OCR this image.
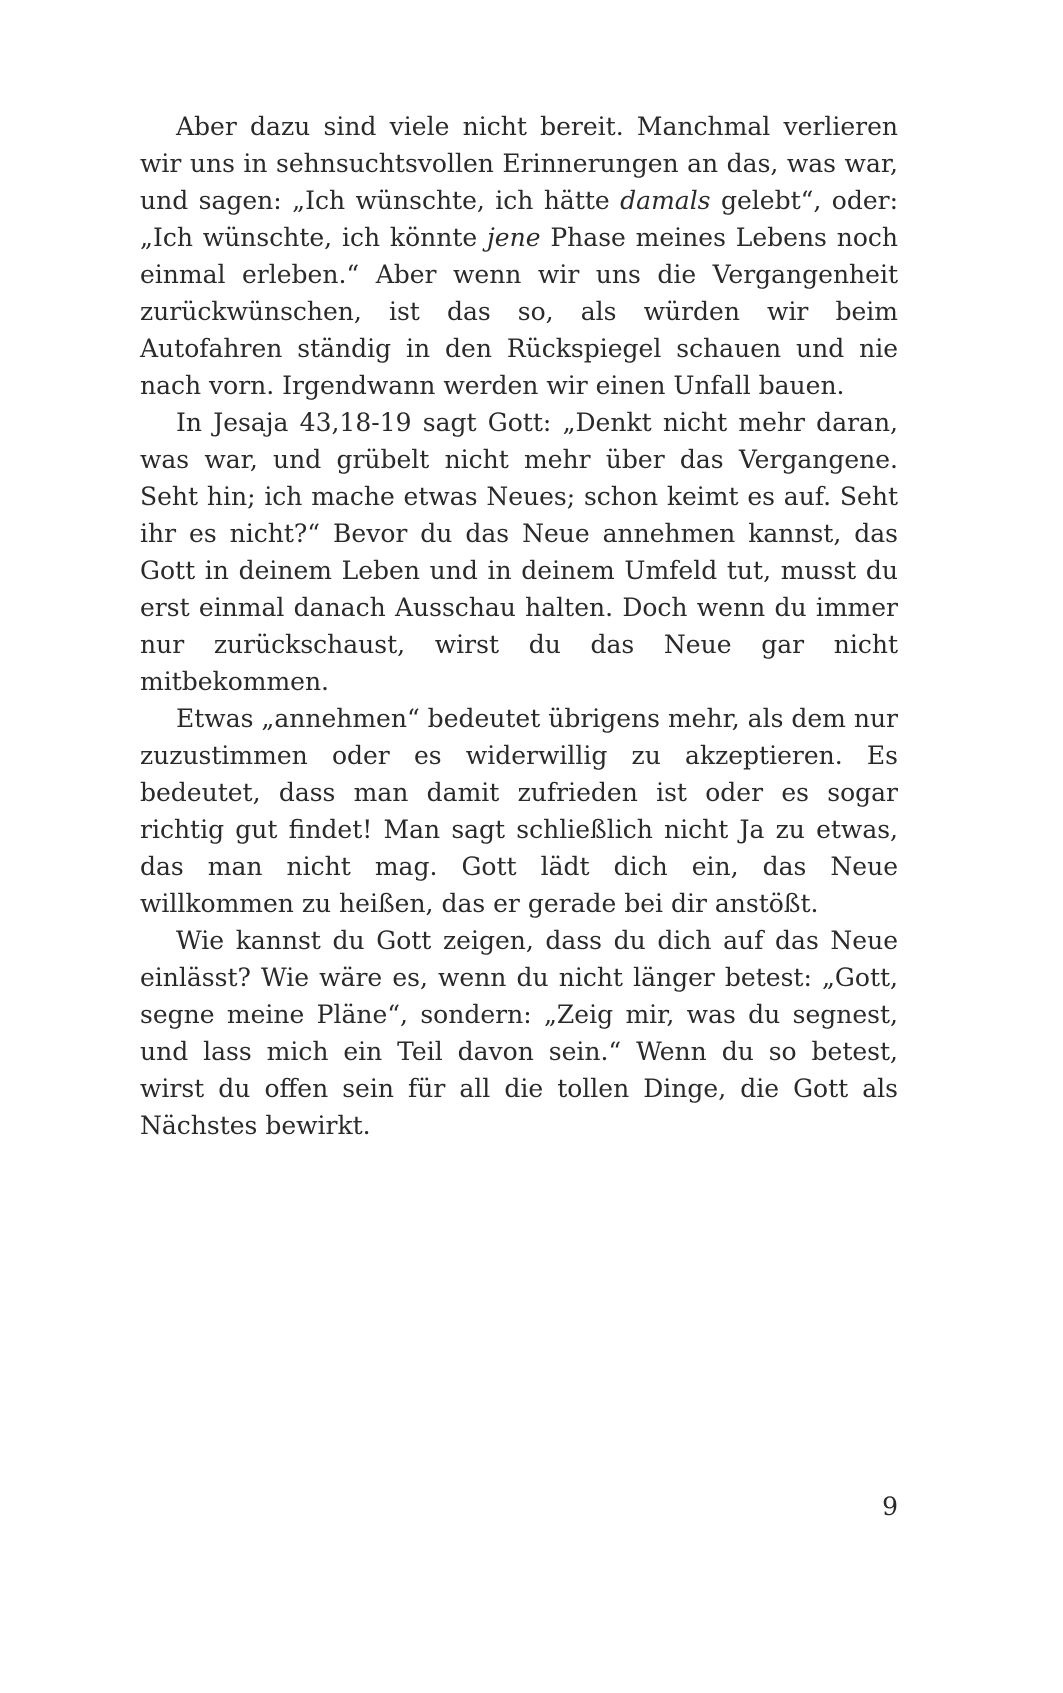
Aber dazu sind viele nicht bereit. Manchmal verlieren wir uns in sehnsuchtsvollen Erinnerungen an das, was war, und sagen: „Ich wünschte, ich hätte damals gelebt“, oder: „Ich wünschte, ich könnte jene Phase meines Lebens noch einmal erleben.“ Aber wenn wir uns die Vergangenheit zurückwünschen, ist das so, als würden wir beim Autofahren ständig in den Rückspiegel schauen und nie nach vorn. Irgendwann werden wir einen Unfall bauen.

In Jesaja 43,18-19 sagt Gott: „Denkt nicht mehr daran, was war, und grübelt nicht mehr über das Vergangene. Seht hin; ich mache etwas Neues; schon keimt es auf. Seht ihr es nicht?“ Bevor du das Neue annehmen kannst, das Gott in deinem Leben und in deinem Umfeld tut, musst du erst einmal danach Ausschau halten. Doch wenn du immer nur zurückschaust, wirst du das Neue gar nicht mitbekommen.

Etwas „annehmen“ bedeutet übrigens mehr, als dem nur zuzustimmen oder es widerwillig zu akzeptieren. Es bedeutet, dass man damit zufrieden ist oder es sogar richtig gut findet! Man sagt schließlich nicht Ja zu etwas, das man nicht mag. Gott lädt dich ein, das Neue willkommen zu heißen, das er gerade bei dir anstößt.

Wie kannst du Gott zeigen, dass du dich auf das Neue einlässt? Wie wäre es, wenn du nicht länger betest: „Gott, segne meine Pläne“, sondern: „Zeig mir, was du segnest, und lass mich ein Teil davon sein.“ Wenn du so betest, wirst du offen sein für all die tollen Dinge, die Gott als Nächstes bewirkt.

9
